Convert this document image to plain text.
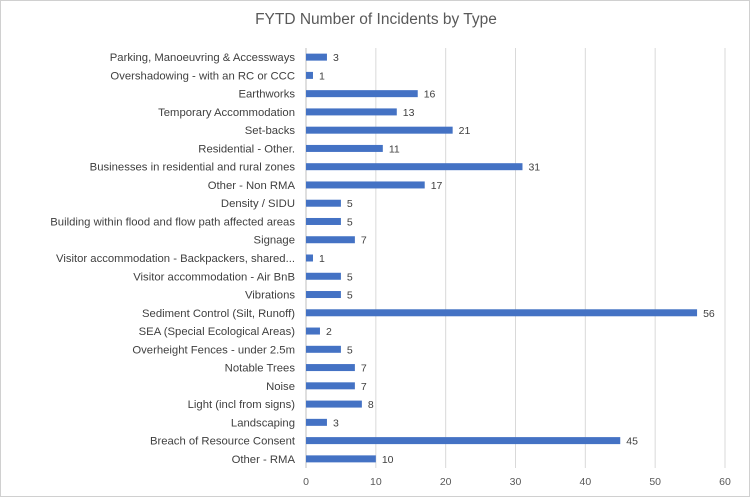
FYTD Number of Incidents by Type
0	10	20	30	40	50	60
Parking, Manoeuvring & Accessways	3
Overshadowing - with an RC or CCC 1
Earthworks	16
Temporary Accommodation	13
Set-backs	21
Residential - Other.	11
Businesses in residential and rural zones	31
Other - Non RMA	17
Density / SIDU	5
Building within flood and flow path affected areas	5
Signage	7
Visitor accommodation - Backpackers, shared... 1
Visitor accommodation - Air BnB	5
Vibrations	5
Sediment Control (Silt, Runoff)	56
SEA (Special Ecological Areas)	2
Overheight Fences - under 2.5m	5
Notable Trees	7
Noise	7
Light (incl from signs)	8
Landscaping	3
Breach of Resource Consent	45
Other - RMA	10
